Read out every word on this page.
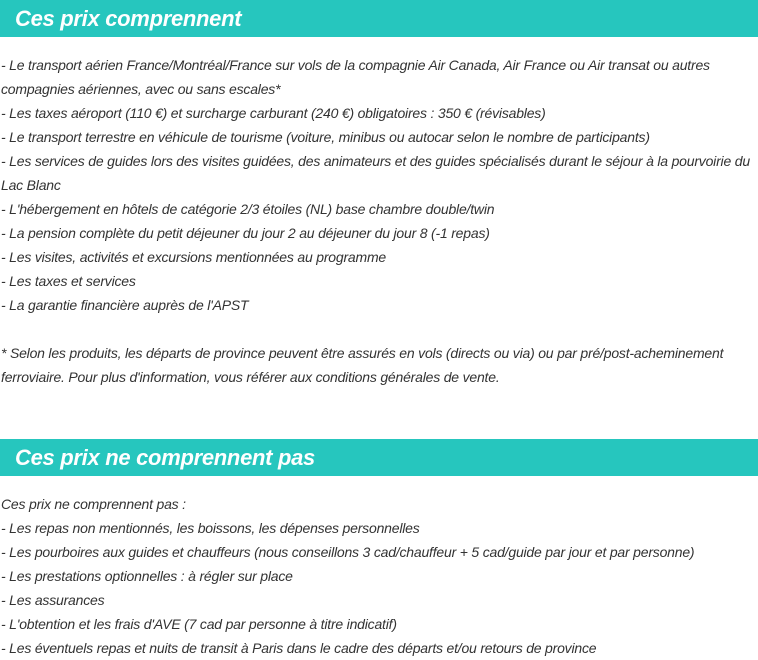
Ces prix comprennent
- Le transport aérien France/Montréal/France sur vols de la compagnie Air Canada, Air France ou Air transat ou autres compagnies aériennes, avec ou sans escales*
- Les taxes aéroport (110 €) et surcharge carburant (240 €) obligatoires : 350 € (révisables)
- Le transport terrestre en véhicule de tourisme (voiture, minibus ou autocar selon le nombre de participants)
- Les services de guides lors des visites guidées, des animateurs et des guides spécialisés durant le séjour à la pourvoirie du Lac Blanc
- L'hébergement en hôtels de catégorie 2/3 étoiles (NL) base chambre double/twin
- La pension complète du petit déjeuner du jour 2 au déjeuner du jour 8 (-1 repas)
- Les visites, activités et excursions mentionnées au programme
- Les taxes et services
- La garantie financière auprès de l'APST

* Selon les produits, les départs de province peuvent être assurés en vols (directs ou via) ou par pré/post-acheminement ferroviaire. Pour plus d'information, vous référer aux conditions générales de vente.

Ces prix ne comprennent pas
Ces prix ne comprennent pas :
- Les repas non mentionnés, les boissons, les dépenses personnelles
- Les pourboires aux guides et chauffeurs (nous conseillons 3 cad/chauffeur + 5 cad/guide par jour et par personne)
- Les prestations optionnelles : à régler sur place
- Les assurances
- L'obtention et les frais d'AVE (7 cad par personne à titre indicatif)
- Les éventuels repas et nuits de transit à Paris dans le cadre des départs et/ou retours de province
